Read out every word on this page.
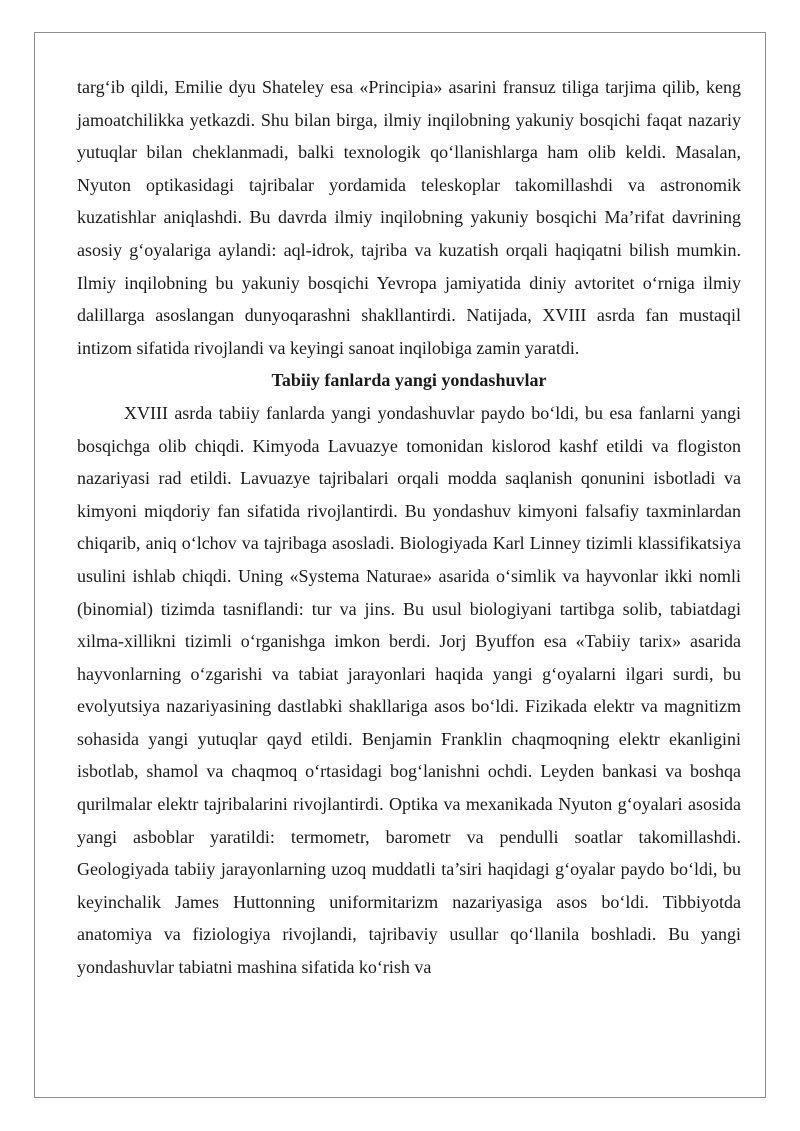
targ‘ib qildi, Emilie dyu Shateley esa «Principia» asarini fransuz tiliga tarjima qilib, keng jamoatchilikka yetkazdi. Shu bilan birga, ilmiy inqilobning yakuniy bosqichi faqat nazariy yutuqlar bilan cheklanmadi, balki texnologik qo‘llanishlarga ham olib keldi. Masalan, Nyuton optikasidagi tajribalar yordamida teleskoplar takomillashdi va astronomik kuzatishlar aniqlashdi. Bu davrda ilmiy inqilobning yakuniy bosqichi Ma’rifat davrining asosiy g‘oyalariga aylandi: aql-idrok, tajriba va kuzatish orqali haqiqatni bilish mumkin. Ilmiy inqilobning bu yakuniy bosqichi Yevropa jamiyatida diniy avtoritet o‘rniga ilmiy dalillarga asoslangan dunyoqarashni shakllantirdi. Natijada, XVIII asrda fan mustaqil intizom sifatida rivojlandi va keyingi sanoat inqilobiga zamin yaratdi.

Tabiiy fanlarda yangi yondashuvlar

XVIII asrda tabiiy fanlarda yangi yondashuvlar paydo bo‘ldi, bu esa fanlarni yangi bosqichga olib chiqdi. Kimyoda Lavuazye tomonidan kislorod kashf etildi va flogiston nazariyasi rad etildi. Lavuazye tajribalari orqali modda saqlanish qonunini isbotladi va kimyoni miqdoriy fan sifatida rivojlantirdi. Bu yondashuv kimyoni falsafiy taxminlardan chiqarib, aniq o‘lchov va tajribaga asosladi. Biologiyada Karl Linney tizimli klassifikatsiya usulini ishlab chiqdi. Uning «Systema Naturae» asarida o‘simlik va hayvonlar ikki nomli (binomial) tizimda tasniflandi: tur va jins. Bu usul biologiyani tartibga solib, tabiatdagi xilma-xillikni tizimli o‘rganishga imkon berdi. Jorj Byuffon esa «Tabiiy tarix» asarida hayvonlarning o‘zgarishi va tabiat jarayonlari haqida yangi g‘oyalarni ilgari surdi, bu evolyutsiya nazariyasining dastlabki shakllariga asos bo‘ldi. Fizikada elektr va magnitizm sohasida yangi yutuqlar qayd etildi. Benjamin Franklin chaqmoqning elektr ekanligini isbotlab, shamol va chaqmoq o‘rtasidagi bog‘lanishni ochdi. Leyden bankasi va boshqa qurilmalar elektr tajribalarini rivojlantirdi. Optika va mexanikada Nyuton g‘oyalari asosida yangi asboblar yaratildi: termometr, barometr va pendulli soatlar takomillashdi. Geologiyada tabiiy jarayonlarning uzoq muddatli ta’siri haqidagi g‘oyalar paydo bo‘ldi, bu keyinchalik James Huttonning uniformitarizm nazariyasiga asos bo‘ldi. Tibbiyotda anatomiya va fiziologiya rivojlandi, tajribaviy usullar qo‘llanila boshladi. Bu yangi yondashuvlar tabiatni mashina sifatida ko‘rish va
